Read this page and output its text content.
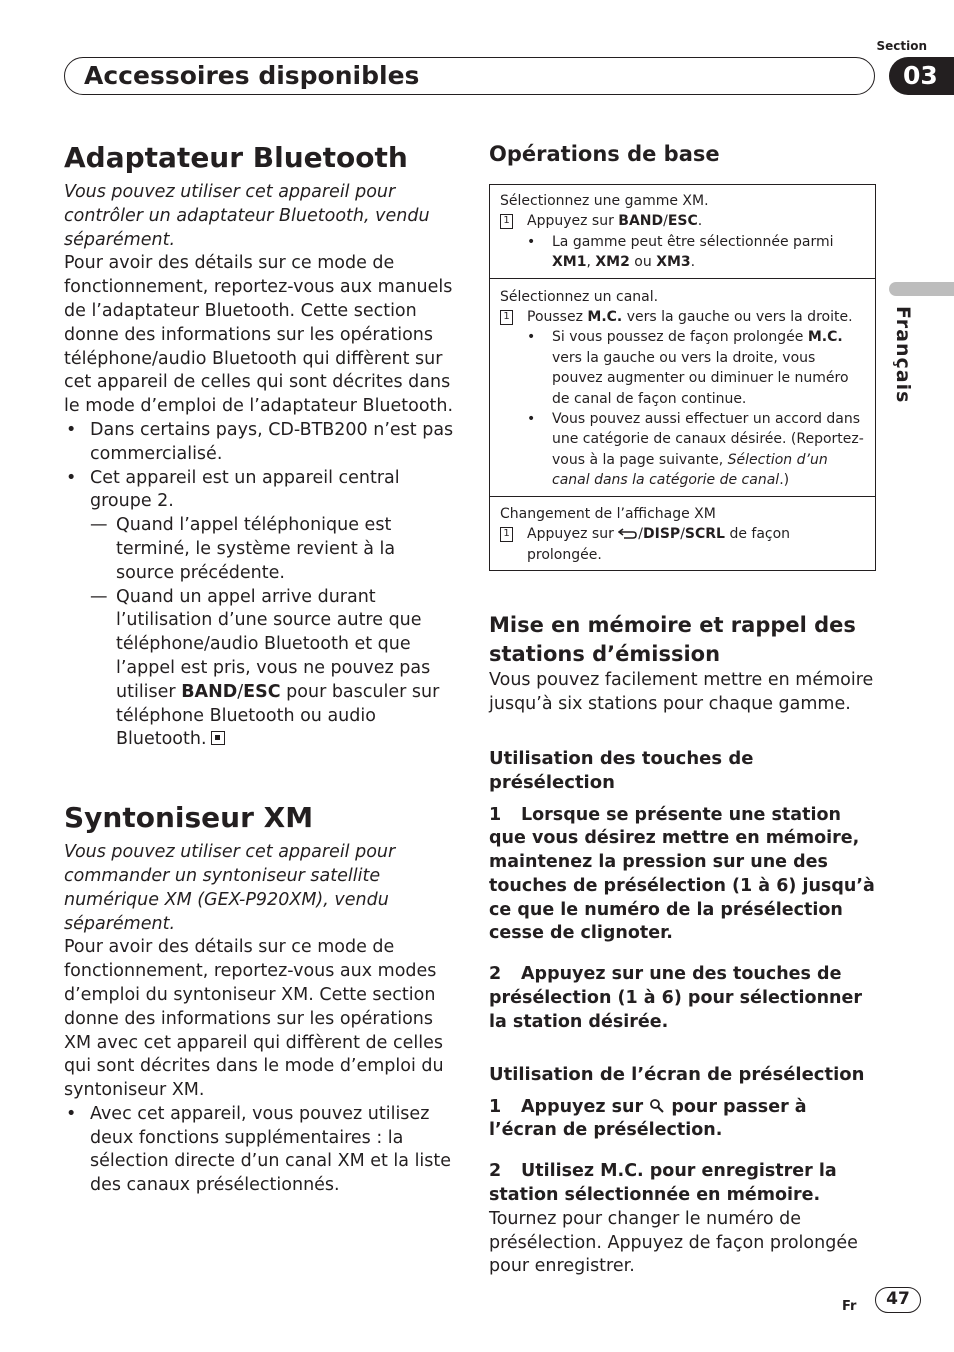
Section
Accessoires disponibles	03
Français
Adaptateur Bluetooth

Vous pouvez utiliser cet appareil pour contrôler un adaptateur Bluetooth, vendu séparément.

Pour avoir des détails sur ce mode de fonctionnement, reportez-vous aux manuels de l’adaptateur Bluetooth. Cette section donne des informations sur les opérations téléphone/audio Bluetooth qui diffèrent sur cet appareil de celles qui sont décrites dans le mode d’emploi de l’adaptateur Bluetooth.

• Dans certains pays, CD-BTB200 n’est pas commercialisé.
• Cet appareil est un appareil central groupe 2.
— Quand l’appel téléphonique est terminé, le système revient à la source précédente.
— Quand un appel arrive durant l’utilisation d’une source autre que téléphone/audio Bluetooth et que l’appel est pris, vous ne pouvez pas utiliser BAND/ESC pour basculer sur téléphone Bluetooth ou audio Bluetooth.
Syntoniseur XM

Vous pouvez utiliser cet appareil pour commander un syntoniseur satellite numérique XM (GEX-P920XM), vendu séparément.

Pour avoir des détails sur ce mode de fonctionnement, reportez-vous aux modes d’emploi du syntoniseur XM. Cette section donne des informations sur les opérations XM avec cet appareil qui diffèrent de celles qui sont décrites dans le mode d’emploi du syntoniseur XM.

• Avec cet appareil, vous pouvez utilisez deux fonctions supplémentaires : la sélection directe d’un canal XM et la liste des canaux présélectionnés.
Opérations de base
Sélectionnez une gamme XM.
1 Appuyez sur BAND/ESC.
• La gamme peut être sélectionnée parmi XM1, XM2 ou XM3.
Sélectionnez un canal.
1 Poussez M.C. vers la gauche ou vers la droite.
• Si vous poussez de façon prolongée M.C. vers la gauche ou vers la droite, vous pouvez augmenter ou diminuer le numéro de canal de façon continue.
• Vous pouvez aussi effectuer un accord dans une catégorie de canaux désirée. (Reportez-vous à la page suivante, Sélection d’un canal dans la catégorie de canal.)
Changement de l’affichage XM
1 Appuyez sur /DISP/SCRL de façon prolongée.
Mise en mémoire et rappel des stations d’émission

Vous pouvez facilement mettre en mémoire jusqu’à six stations pour chaque gamme.

Utilisation des touches de présélection

1 Lorsque se présente une station que vous désirez mettre en mémoire, maintenez la pression sur une des touches de présélection (1 à 6) jusqu’à ce que le numéro de la présélection cesse de clignoter.

2 Appuyez sur une des touches de présélection (1 à 6) pour sélectionner la station désirée.

Utilisation de l’écran de présélection

1 Appuyez sur pour passer à l’écran de présélection.

2 Utilisez M.C. pour enregistrer la station sélectionnée en mémoire.

Tournez pour changer le numéro de présélection. Appuyez de façon prolongée pour enregistrer.

Fr	47
